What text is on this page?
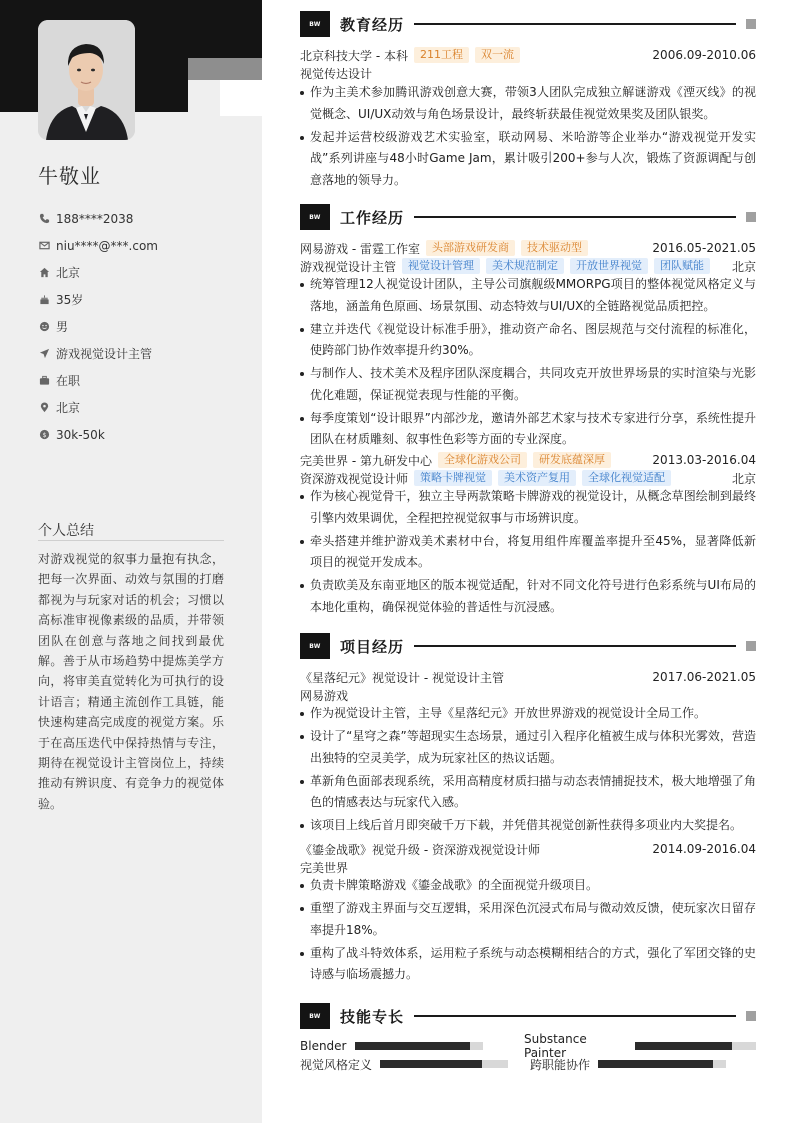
牛敬业
188****2038
niu****@***.com
北京
35岁
男
游戏视觉设计主管
在职
北京
$ 30k-50k
个人总结
对游戏视觉的叙事力量抱有执念，把每一次界面、动效与氛围的打磨都视为与玩家对话的机会；习惯以高标准审视像素级的品质，并带领团队在创意与落地之间找到最优解。善于从市场趋势中提炼美学方向，将审美直觉转化为可执行的设计语言；精通主流创作工具链，能快速构建高完成度的视觉方案。乐于在高压迭代中保持热情与专注，期待在视觉设计主管岗位上，持续推动有辨识度、有竞争力的视觉体验。
BW	教育经历
北京科技大学 - 本科	211工程	双一流	2006.09-2010.06
视觉传达设计
作为主美术参加腾讯游戏创意大赛，带领3人团队完成独立解谜游戏《湮灭线》的视觉概念、UI/UX动效与角色场景设计，最终斩获最佳视觉效果奖及团队银奖。
发起并运营校级游戏艺术实验室，联动网易、米哈游等企业举办“游戏视觉开发实战”系列讲座与48小时Game Jam，累计吸引200+参与人次，锻炼了资源调配与创意落地的领导力。
BW	工作经历
网易游戏 - 雷霆工作室	头部游戏研发商	技术驱动型	2016.05-2021.05
游戏视觉设计主管	视觉设计管理	美术规范制定	开放世界视觉	团队赋能	北京
统筹管理12人视觉设计团队，主导公司旗舰级MMORPG项目的整体视觉风格定义与落地，涵盖角色原画、场景氛围、动态特效与UI/UX的全链路视觉品质把控。
建立并迭代《视觉设计标准手册》，推动资产命名、图层规范与交付流程的标准化，使跨部门协作效率提升约30%。
与制作人、技术美术及程序团队深度耦合，共同攻克开放世界场景的实时渲染与光影优化难题，保证视觉表现与性能的平衡。
每季度策划“设计眼界”内部沙龙，邀请外部艺术家与技术专家进行分享，系统性提升团队在材质雕刻、叙事性色彩等方面的专业深度。
完美世界 - 第九研发中心	全球化游戏公司	研发底蕴深厚	2013.03-2016.04
资深游戏视觉设计师	策略卡牌视觉	美术资产复用	全球化视觉适配	北京
作为核心视觉骨干，独立主导两款策略卡牌游戏的视觉设计，从概念草图绘制到最终引擎内效果调优，全程把控视觉叙事与市场辨识度。
牵头搭建并维护游戏美术素材中台，将复用组件库覆盖率提升至45%，显著降低新项目的视觉开发成本。
负责欧美及东南亚地区的版本视觉适配，针对不同文化符号进行色彩系统与UI布局的本地化重构，确保视觉体验的普适性与沉浸感。
BW	项目经历
《星落纪元》视觉设计 - 视觉设计主管	2017.06-2021.05
网易游戏
作为视觉设计主管，主导《星落纪元》开放世界游戏的视觉设计全局工作。
设计了“星穹之森”等超现实生态场景，通过引入程序化植被生成与体积光雾效，营造出独特的空灵美学，成为玩家社区的热议话题。
革新角色面部表现系统，采用高精度材质扫描与动态表情捕捉技术，极大地增强了角色的情感表达与玩家代入感。
该项目上线后首月即突破千万下载，并凭借其视觉创新性获得多项业内大奖提名。
《鎏金战歌》视觉升级 - 资深游戏视觉设计师	2014.09-2016.04
完美世界
负责卡牌策略游戏《鎏金战歌》的全面视觉升级项目。
重塑了游戏主界面与交互逻辑，采用深色沉浸式布局与微动效反馈，使玩家次日留存率提升18%。
重构了战斗特效体系，运用粒子系统与动态模糊相结合的方式，强化了军团交锋的史诗感与临场震撼力。
BW	技能专长
Blender	Substance Painter
视觉风格定义	跨职能协作
